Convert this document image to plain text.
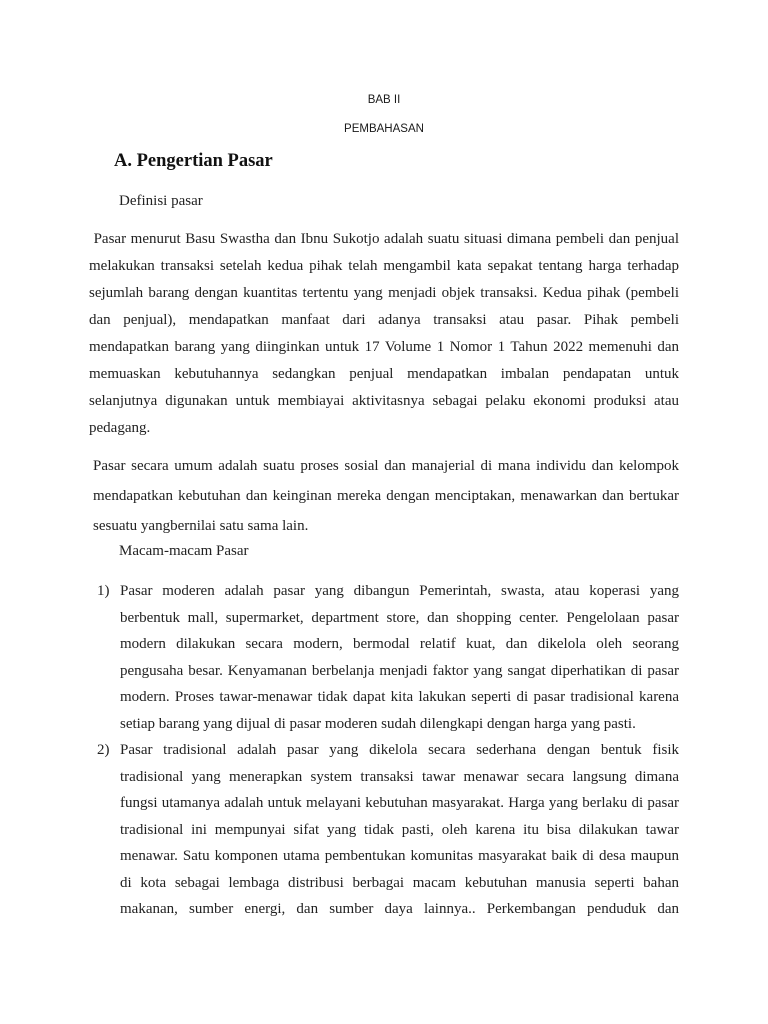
BAB II
PEMBAHASAN
A. Pengertian Pasar
Definisi pasar
Pasar menurut Basu Swastha dan Ibnu Sukotjo adalah suatu situasi dimana pembeli dan penjual
melakukan transaksi setelah kedua pihak telah mengambil kata sepakat tentang harga terhadap
sejumlah barang dengan kuantitas tertentu yang menjadi objek transaksi. Kedua pihak (pembeli
dan penjual), mendapatkan manfaat dari adanya transaksi atau pasar. Pihak pembeli
mendapatkan barang yang diinginkan untuk 17 Volume 1 Nomor 1 Tahun 2022 memenuhi dan
memuaskan kebutuhannya sedangkan penjual mendapatkan imbalan pendapatan untuk
selanjutnya digunakan untuk membiayai aktivitasnya sebagai pelaku ekonomi produksi atau
pedagang.
Pasar secara umum adalah suatu proses sosial dan manajerial di mana individu dan kelompok
mendapatkan kebutuhan dan keinginan mereka dengan menciptakan, menawarkan dan bertukar
sesuatu yangbernilai satu sama lain.
Macam-macam Pasar
1) Pasar moderen adalah pasar yang dibangun Pemerintah, swasta, atau koperasi yang
berbentuk mall, supermarket, department store, dan shopping center. Pengelolaan pasar
modern dilakukan secara modern, bermodal relatif kuat, dan dikelola oleh seorang
pengusaha besar. Kenyamanan berbelanja menjadi faktor yang sangat diperhatikan di pasar
modern. Proses tawar-menawar tidak dapat kita lakukan seperti di pasar tradisional karena
setiap barang yang dijual di pasar moderen sudah dilengkapi dengan harga yang pasti.
2) Pasar tradisional adalah pasar yang dikelola secara sederhana dengan bentuk fisik
tradisional yang menerapkan system transaksi tawar menawar secara langsung dimana
fungsi utamanya adalah untuk melayani kebutuhan masyarakat. Harga yang berlaku di pasar
tradisional ini mempunyai sifat yang tidak pasti, oleh karena itu bisa dilakukan tawar
menawar. Satu komponen utama pembentukan komunitas masyarakat baik di desa maupun
di kota sebagai lembaga distribusi berbagai macam kebutuhan manusia seperti bahan
makanan, sumber energi, dan sumber daya lainnya.. Perkembangan penduduk dan
